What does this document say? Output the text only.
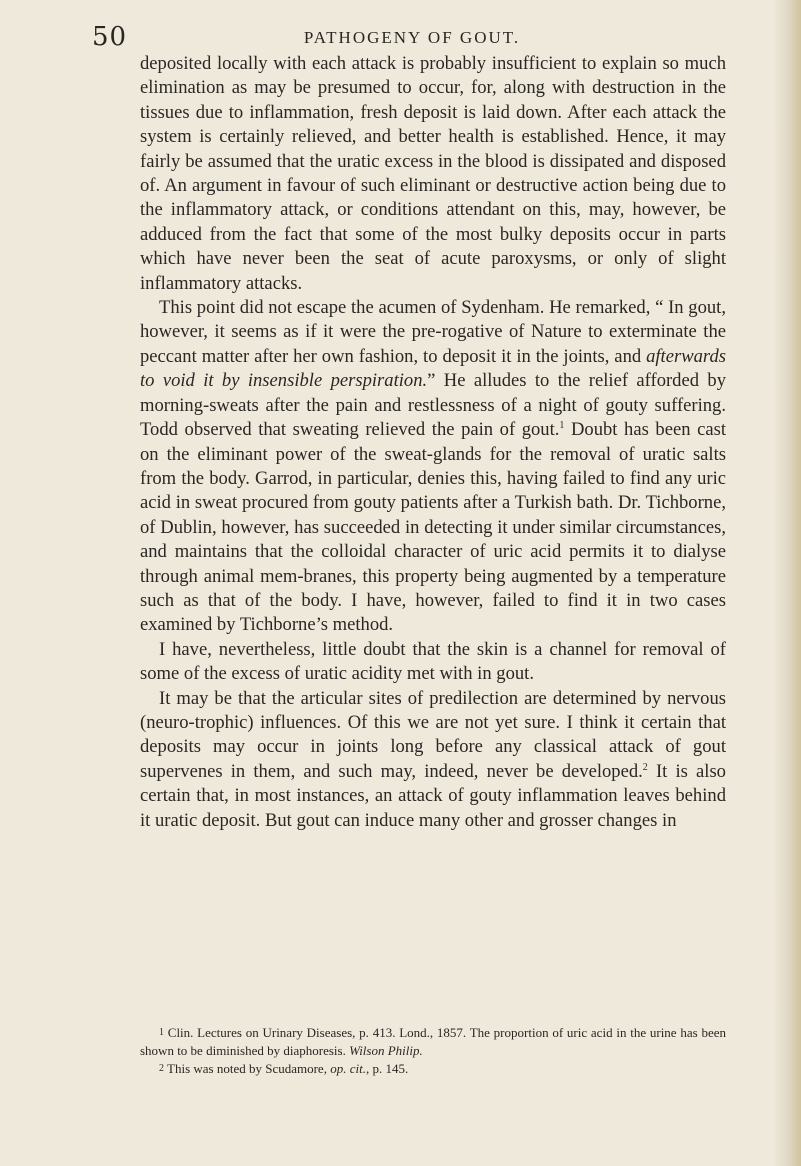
50	PATHOGENY OF GOUT.

deposited locally with each attack is probably insufficient to explain so much elimination as may be presumed to occur, for, along with destruction in the tissues due to inflammation, fresh deposit is laid down. After each attack the system is certainly relieved, and better health is established. Hence, it may fairly be assumed that the uratic excess in the blood is dissipated and disposed of. An argument in favour of such eliminant or destructive action being due to the inflammatory attack, or conditions attendant on this, may, however, be adduced from the fact that some of the most bulky deposits occur in parts which have never been the seat of acute paroxysms, or only of slight inflammatory attacks.

This point did not escape the acumen of Sydenham. He remarked, “ In gout, however, it seems as if it were the pre-rogative of Nature to exterminate the peccant matter after her own fashion, to deposit it in the joints, and afterwards to void it by insensible perspiration.” He alludes to the relief afforded by morning-sweats after the pain and restlessness of a night of gouty suffering. Todd observed that sweating relieved the pain of gout.$^1$ Doubt has been cast on the eliminant power of the sweat-glands for the removal of uratic salts from the body. Garrod, in particular, denies this, having failed to find any uric acid in sweat procured from gouty patients after a Turkish bath. Dr. Tichborne, of Dublin, however, has succeeded in detecting it under similar circumstances, and maintains that the colloidal character of uric acid permits it to dialyse through animal mem-branes, this property being augmented by a temperature such as that of the body. I have, however, failed to find it in two cases examined by Tichborne’s method.

I have, nevertheless, little doubt that the skin is a channel for removal of some of the excess of uratic acidity met with in gout.

It may be that the articular sites of predilection are determined by nervous (neuro-trophic) influences. Of this we are not yet sure. I think it certain that deposits may occur in joints long before any classical attack of gout supervenes in them, and such may, indeed, never be developed.$^2$ It is also certain that, in most instances, an attack of gouty inflammation leaves behind it uratic deposit. But gout can induce many other and grosser changes in

1 Clin. Lectures on Urinary Diseases, p. 413. Lond., 1857. The proportion of uric acid in the urine has been shown to be diminished by diaphoresis. Wilson Philip.

2 This was noted by Scudamore, op. cit., p. 145.
